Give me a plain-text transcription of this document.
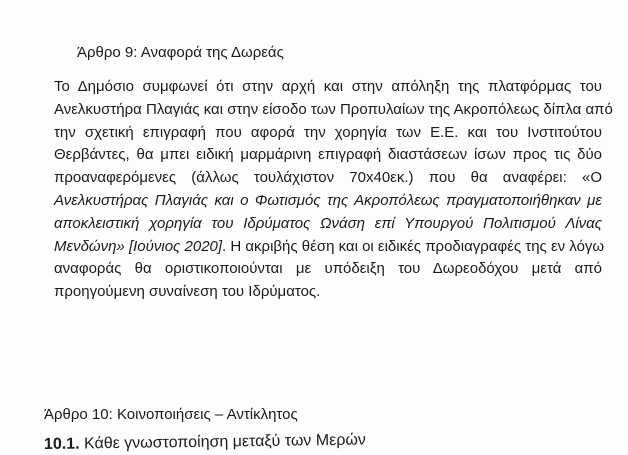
Άρθρο 9: Αναφορά της Δωρεάς
Το Δημόσιο συμφωνεί ότι στην αρχή και στην απόληξη της πλατφόρμας του
Ανελκυστήρα Πλαγιάς και στην είσοδο των Προπυλαίων της Ακροπόλεως δίπλα από
την σχετική επιγραφή που αφορά την χορηγία των Ε.Ε. και του Ινστιτούτου
Θερβάντες, θα μπει ειδική μαρμάρινη επιγραφή διαστάσεων ίσων προς τις δύο
προαναφερόμενες (άλλως τουλάχιστον 70x40εκ.) που θα αναφέρει: «Ο
Ανελκυστήρας Πλαγιάς και ο Φωτισμός της Ακροπόλεως πραγματοποιήθηκαν με
αποκλειστική χορηγία του Ιδρύματος Ωνάση επί Υπουργού Πολιτισμού Λίνας
Μενδώνη» [Ιούνιος 2020]. Η ακριβής θέση και οι ειδικές προδιαγραφές της εν λόγω
αναφοράς θα οριστικοποιούνται με υπόδειξη του Δωρεοδόχου μετά από
προηγούμενη συναίνεση του Ιδρύματος.
Άρθρο 10: Κοινοποιήσεις – Αντίκλητος
10.1. Κάθε γνωστοποίηση μεταξύ των Μερών
